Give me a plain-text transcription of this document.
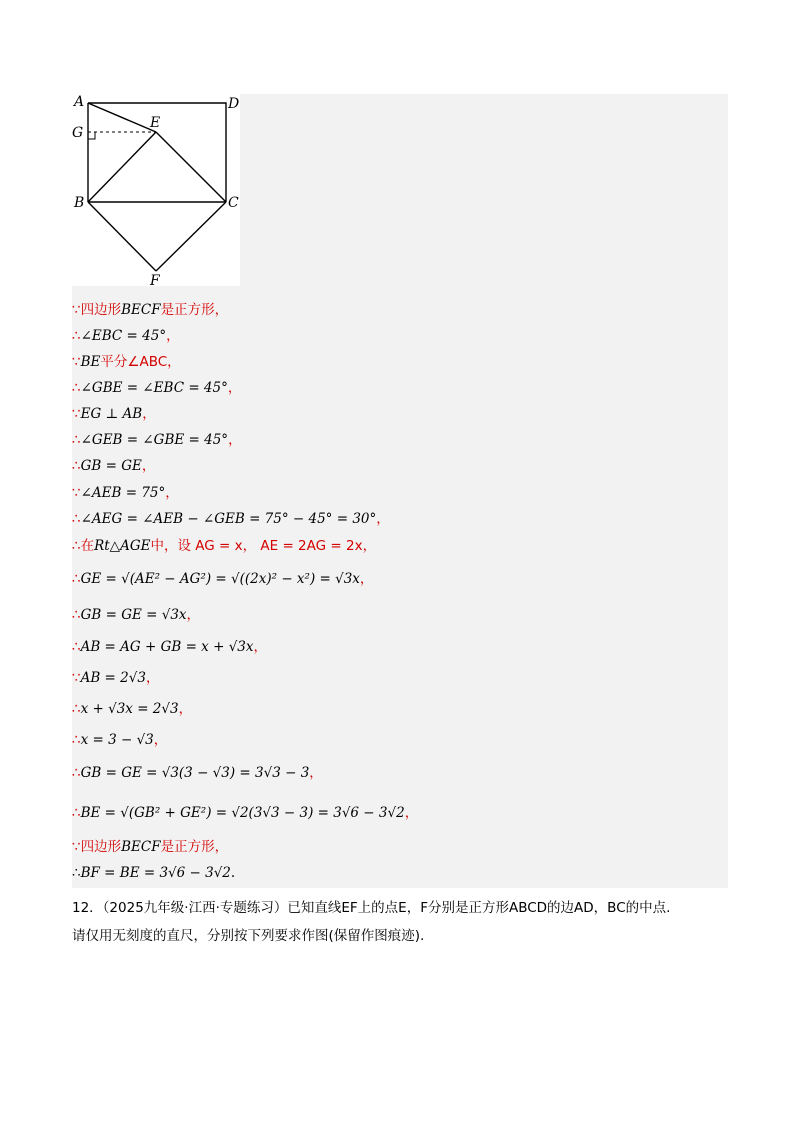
A	D
G
E
B	C
F
∵四边形BECF是正方形，
∴∠EBC = 45°，
∵BE平分∠ABC，
∴∠GBE = ∠EBC = 45°，
∵EG ⊥ AB，
∴∠GEB = ∠GBE = 45°，
∴GB = GE，
∵∠AEB = 75°，
∴∠AEG = ∠AEB − ∠GEB = 75° − 45° = 30°，
∴在Rt△AGE中，设 AG = x， AE = 2AG = 2x，
∴GE = √(AE² − AG²) = √((2x)² − x²) = √3x，
∴GB = GE = √3x，
∴AB = AG + GB = x + √3x，
∵AB = 2√3，
∴x + √3x = 2√3，
∴x = 3 − √3，
∴GB = GE = √3(3 − √3) = 3√3 − 3，
∴BE = √(GB² + GE²) = √2(3√3 − 3) = 3√6 − 3√2，
∵四边形BECF是正方形，
∴BF = BE = 3√6 − 3√2.
12．（2025九年级·江西·专题练习）已知直线EF上的点E，F分别是正方形ABCD的边AD，BC的中点.
请仅用无刻度的直尺，分别按下列要求作图(保留作图痕迹).
